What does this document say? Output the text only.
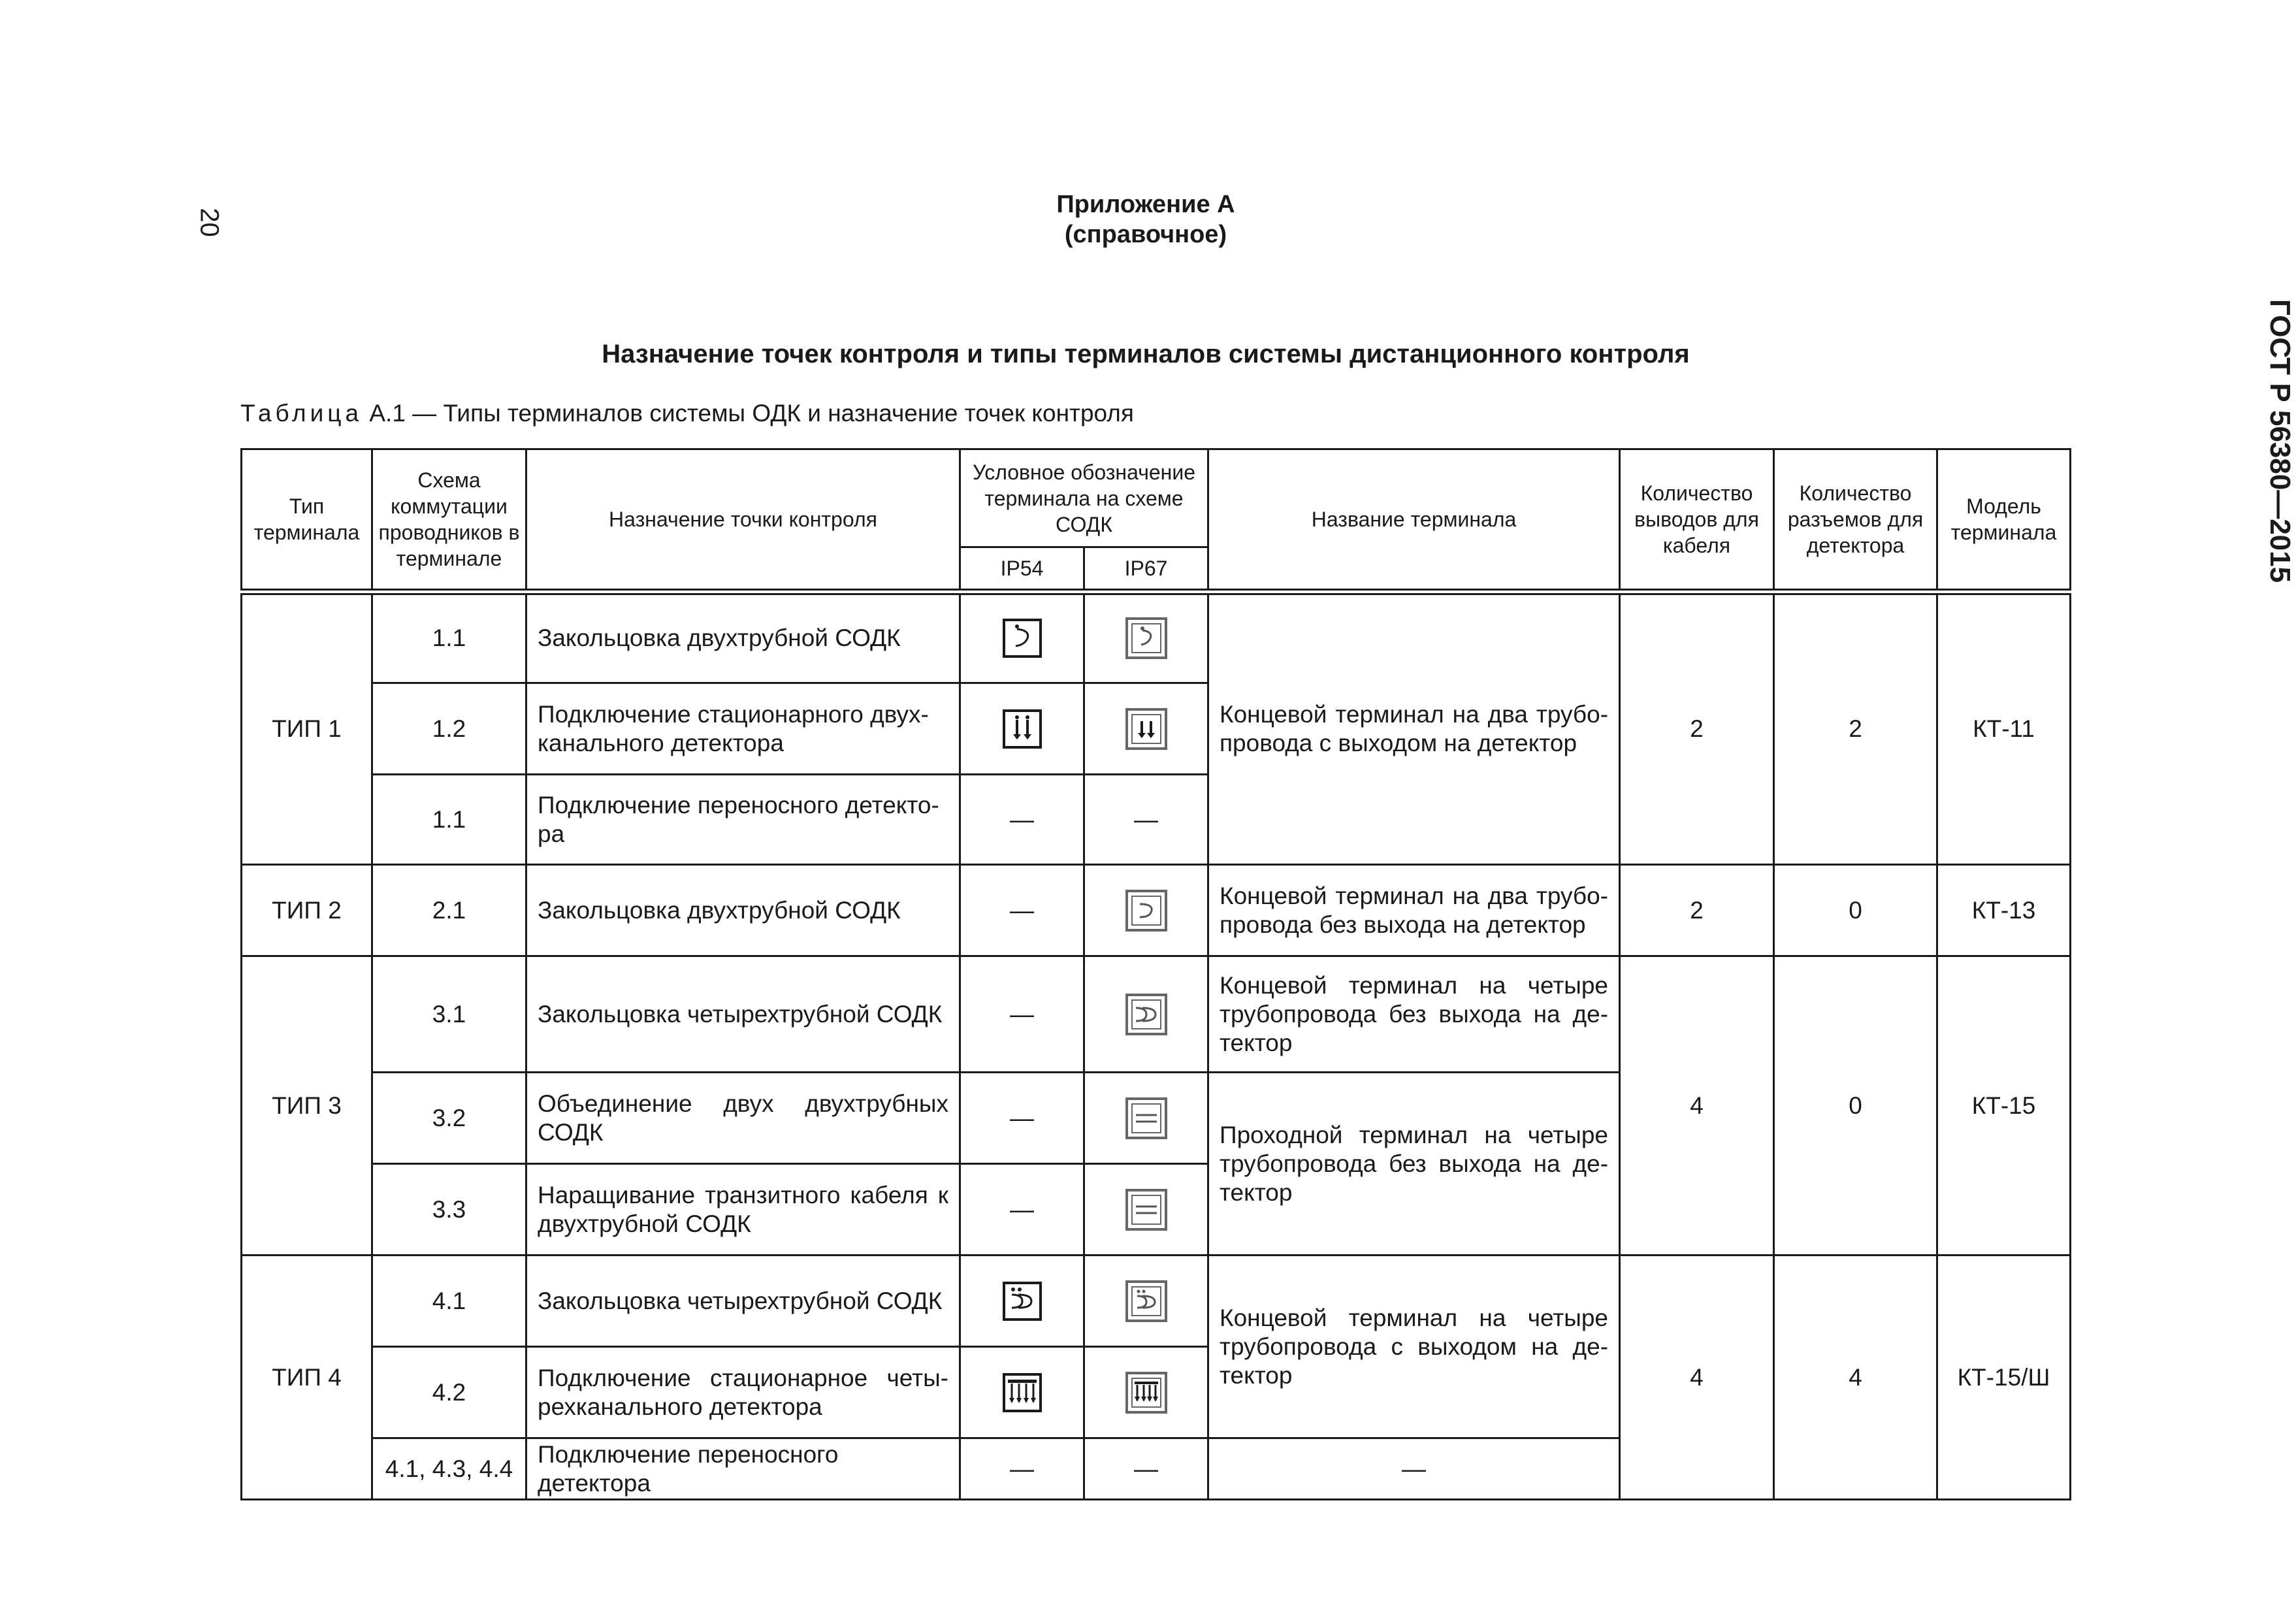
20
ГОСТ Р 56380—2015
Приложение А
(справочное)
Назначение точек контроля и типы терминалов системы дистанционного контроля
Таблица А.1 — Типы терминалов системы ОДК и назначение точек контроля
Тип терминала	Схема коммутации проводников в терминале	Назначение точки контроля	Условное обозначение терминала на схеме СОДК		Название терминала	Количество выводов для кабеля	Количество разъемов для детектора	Модель терминала
			IP54	IP67				
ТИП 1	1.1	Закольцовка двухтрубной СОДК			Концевой терминал на два трубо-провода с выходом на детектор	2	2	КТ-11
	1.2	Подключение стационарного двух-канального детектора	

	1.1	Подключение переносного детекто-ра	—	—				
ТИП 2	2.1	Закольцовка двухтрубной СОДК	—		Концевой терминал на два трубо-провода без выхода на детектор	2	0	КТ-13
ТИП 3	3.1	Закольцовка четырехтрубной СОДК	—		Концевой терминал на четыре трубопровода без выхода на де-тектор	4	0	КТ-15
	3.2	Объединение двух двухтрубных СОДК	—		Проходной терминал на четыре трубопровода без выхода на де-тектор			
	3.3	Наращивание транзитного кабеля к двухтрубной СОДК	—	

ТИП 4	4.1	Закольцовка четырехтрубной СОДК			Концевой терминал на четыре трубопровода с выходом на де-тектор	4	4	КТ-15/Ш
	4.2	Подключение стационарное четы-рехканального детектора	

	4.1, 4.3, 4.4	Подключение переносного детектора	—	—	—			
